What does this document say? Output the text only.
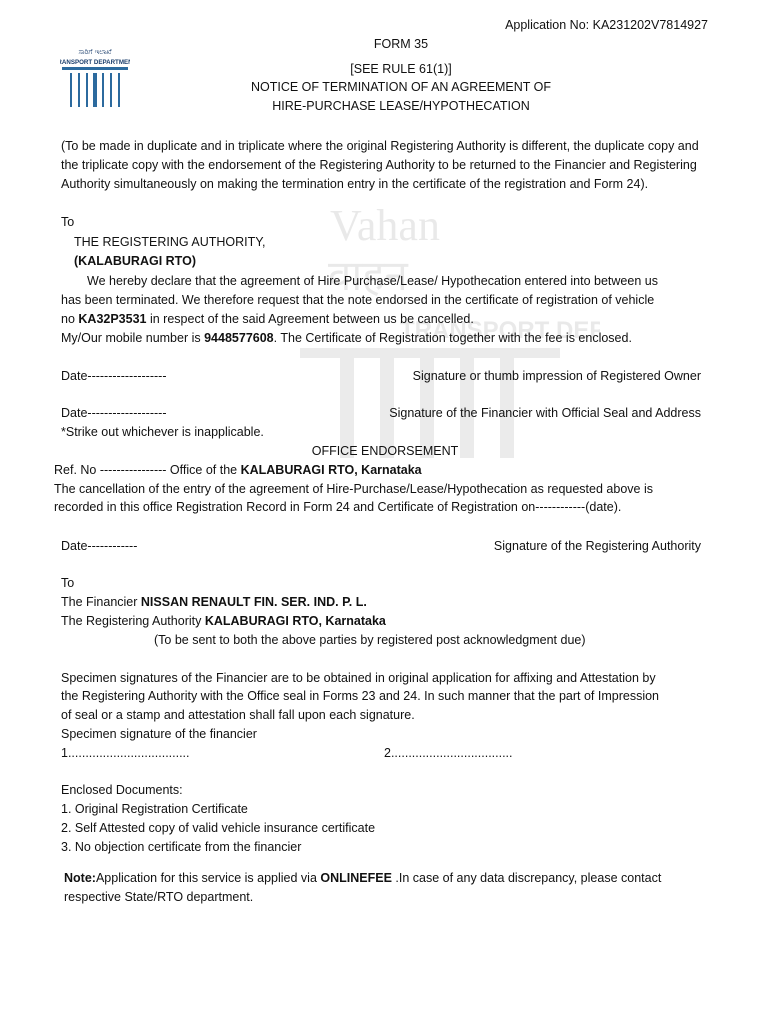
Vahan
वाहन
TRANSPORT DEP
ಸಾರಿಗೆ ಇಲಾಖೆ
ANSPORT DEPARTME
Application No: KA231202V7814927
FORM 35
[SEE RULE 61(1)]
NOTICE OF TERMINATION OF AN AGREEMENT OF
HIRE-PURCHASE LEASE/HYPOTHECATION
(To be made in duplicate and in triplicate where the original Registering Authority is different, the duplicate copy and the triplicate copy with the endorsement of the Registering Authority to be returned to the Financier and Registering Authority simultaneously on making the termination entry in the certificate of the registration and Form 24).
To
THE REGISTERING AUTHORITY,
(KALABURAGI RTO)
We hereby declare that the agreement of Hire Purchase/Lease/ Hypothecation entered into between us
has been terminated. We therefore request that the note endorsed in the certificate of registration of vehicle
no KA32P3531 in respect of the said Agreement between us be cancelled.
My/Our mobile number is 9448577608. The Certificate of Registration together with the fee is enclosed.
Date-------------------	Signature or thumb impression of Registered Owner
Date-------------------	Signature of the Financier with Official Seal and Address
*Strike out whichever is inapplicable.
OFFICE ENDORSEMENT
Ref. No ---------------- Office of the KALABURAGI RTO, Karnataka
The cancellation of the entry of the agreement of Hire-Purchase/Lease/Hypothecation as requested above is
recorded in this office Registration Record in Form 24 and Certificate of Registration on------------(date).
Date------------	Signature of the Registering Authority
To
The Financier NISSAN RENAULT FIN. SER. IND. P. L.
The Registering Authority KALABURAGI RTO, Karnataka
(To be sent to both the above parties by registered post acknowledgment due)
Specimen signatures of the Financier are to be obtained in original application for affixing and Attestation by
the Registering Authority with the Office seal in Forms 23 and 24. In such manner that the part of Impression
of seal or a stamp and attestation shall fall upon each signature.
Specimen signature of the financier
1...................................	2...................................
Enclosed Documents:
1. Original Registration Certificate
2. Self Attested copy of valid vehicle insurance certificate
3. No objection certificate from the financier
Note:Application for this service is applied via ONLINEFEE .In case of any data discrepancy, please contact
respective State/RTO department.
